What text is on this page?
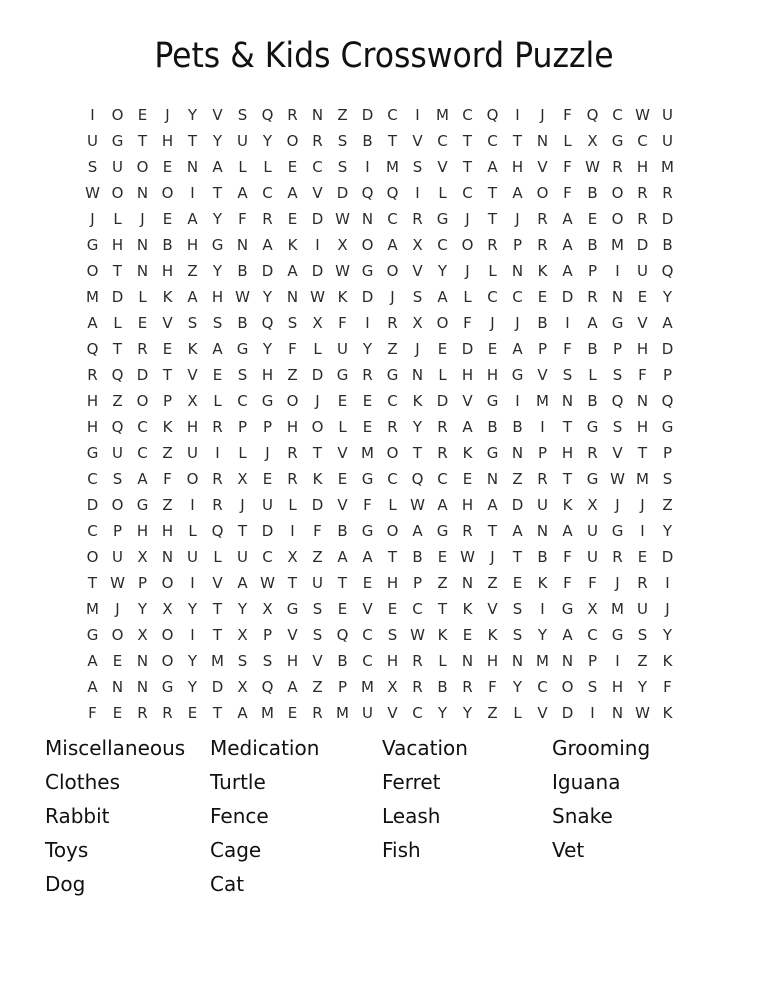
Pets & Kids Crossword Puzzle
I	O E	J	Y	V	S Q R N Z D C	I	M C Q	I	J	F Q C W U
U G T H T	Y U Y O R	S	B	T	V C	T	C	T N	L	X G C U
S U O E N A	L	L	E	C	S	I	M S	V	T	A H V	F W R H M
W O N O	I	T	A C A V D Q Q	I	L	C	T	A O F	B O R R
J	L	J	E	A	Y	F	R	E D W N C R G	J	T	J	R A	E O R D
G H N B H G N A K	I	X O A X C O R	P	R A B M D B
O T N H Z	Y	B D A D W G O V	Y	J	L	N K A	P	I	U Q
M D	L	K A H W Y N W K D	J	S	A	L	C C	E D R N E	Y
A	L	E	V	S	S	B Q S	X	F	I	R X O F	J	J	B	I	A G V A
Q T	R	E	K A G Y	F	L	U Y	Z	J	E D E	A	P	F	B	P H D
R Q D T	V	E	S H Z D G R G N	L	H H G V	S	L	S	F	P
H Z O P	X	L	C G O	J	E	E	C K D V G	I	M N B Q N Q
H Q C K H R	P	P H O L	E	R	Y	R A B B	I	T G S H G
G U C Z U	I	L	J	R	T	V M O T	R K G N P H R V	T	P
C	S	A	F O R X	E	R K	E G C Q C	E N Z R	T G W M S
D O G Z	I	R	J	U	L	D V	F	L W A H A D U K X	J	J	Z
C	P H H	L Q T D	I	F	B G O A G R	T	A N A U G	I	Y
O U X N U	L	U C X Z A A	T	B	E W	J	T	B	F	U R	E D
T W P O	I	V A W T U T	E H P	Z N Z	E	K	F	F	J	R	I
M	J	Y	X	Y	T	Y	X G S	E	V	E	C	T	K V	S	I	G X M U	J
G O X O	I	T	X	P	V	S Q C	S W K	E	K	S	Y	A C G S	Y
A	E N O Y M S	S H V B C H R	L	N H N M N P	I	Z K
A N N G Y D X Q A Z	P M X R B R	F	Y	C O S H Y	F
F	E	R R	E	T	A M E	R M U V C	Y	Y	Z	L	V D	I	N W K
Miscellaneous
Clothes
Rabbit
Toys
Dog
Medication
Turtle
Fence
Cage
Cat
Vacation
Ferret
Leash
Fish
Grooming
Iguana
Snake
Vet
